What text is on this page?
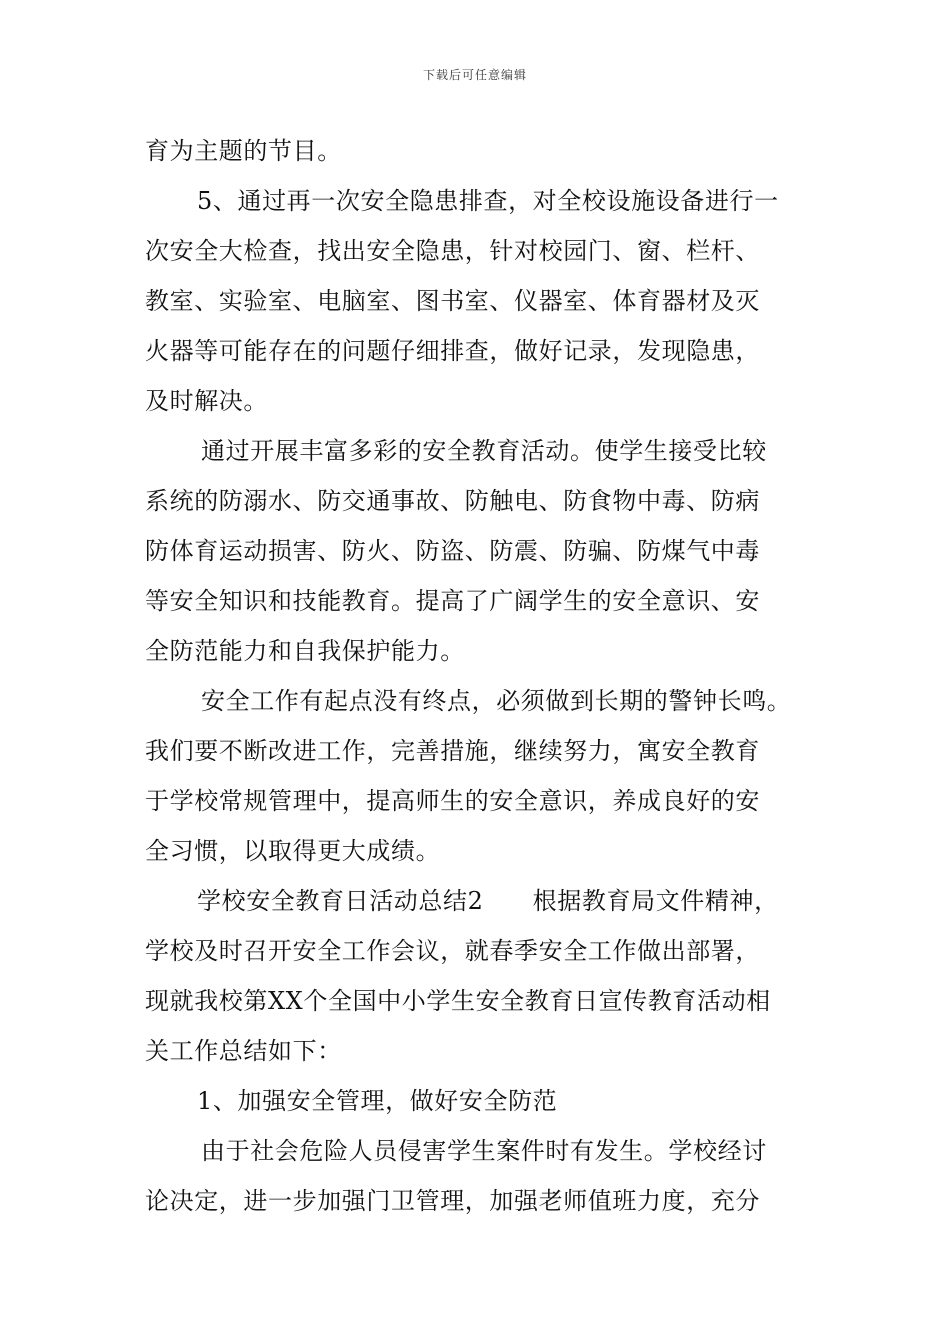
下载后可任意编辑
育为主题的节目。
5、通过再一次安全隐患排查，对全校设施设备进行一
次安全大检查，找出安全隐患，针对校园门、窗、栏杆、
教室、实验室、电脑室、图书室、仪器室、体育器材及灭
火器等可能存在的问题仔细排查，做好记录，发现隐患，
及时解决。
通过开展丰富多彩的安全教育活动。使学生接受比较
系统的防溺水、防交通事故、防触电、防食物中毒、防病
防体育运动损害、防火、防盗、防震、防骗、防煤气中毒
等安全知识和技能教育。提高了广阔学生的安全意识、安
全防范能力和自我保护能力。
安全工作有起点没有终点，必须做到长期的警钟长鸣。
我们要不断改进工作，完善措施，继续努力，寓安全教育
于学校常规管理中，提高师生的安全意识，养成良好的安
全习惯，以取得更大成绩。
学校安全教育日活动总结2　　根据教育局文件精神，
学校及时召开安全工作会议，就春季安全工作做出部署，
现就我校第XX个全国中小学生安全教育日宣传教育活动相
关工作总结如下：
1、加强安全管理，做好安全防范
由于社会危险人员侵害学生案件时有发生。学校经讨
论决定，进一步加强门卫管理，加强老师值班力度，充分
